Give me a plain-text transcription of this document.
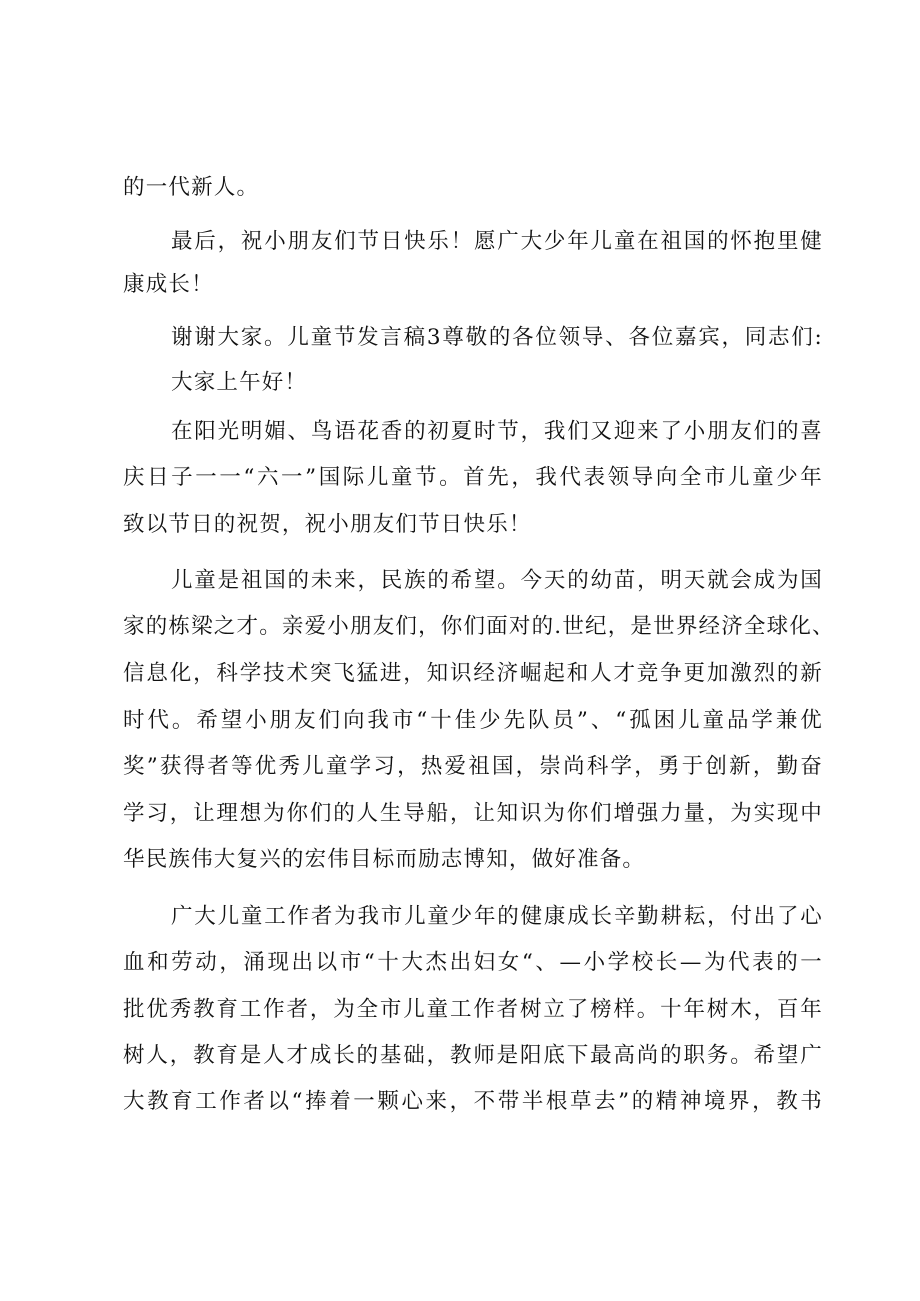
的一代新人。
最后，祝小朋友们节日快乐！愿广大少年儿童在祖国的怀抱里健
康成长！
谢谢大家。儿童节发言稿3尊敬的各位领导、各位嘉宾，同志们:
大家上午好！
在阳光明媚、鸟语花香的初夏时节，我们又迎来了小朋友们的喜
庆日子一一“六一”国际儿童节。首先，我代表领导向全市儿童少年
致以节日的祝贺，祝小朋友们节日快乐！
儿童是祖国的未来，民族的希望。今天的幼苗，明天就会成为国
家的栋梁之才。亲爱小朋友们，你们面对的.世纪，是世界经济全球化、
信息化，科学技术突飞猛进，知识经济崛起和人才竞争更加激烈的新
时代。希望小朋友们向我市“十佳少先队员”、“孤困儿童品学兼优
奖”获得者等优秀儿童学习，热爱祖国，崇尚科学，勇于创新，勤奋
学习，让理想为你们的人生导船，让知识为你们增强力量，为实现中
华民族伟大复兴的宏伟目标而励志博知，做好准备。
广大儿童工作者为我市儿童少年的健康成长辛勤耕耘，付出了心
血和劳动，涌现出以市“十大杰出妇女“、—小学校长—为代表的一
批优秀教育工作者，为全市儿童工作者树立了榜样。十年树木，百年
树人，教育是人才成长的基础，教师是阳底下最高尚的职务。希望广
大教育工作者以“捧着一颗心来，不带半根草去”的精神境界，教书
